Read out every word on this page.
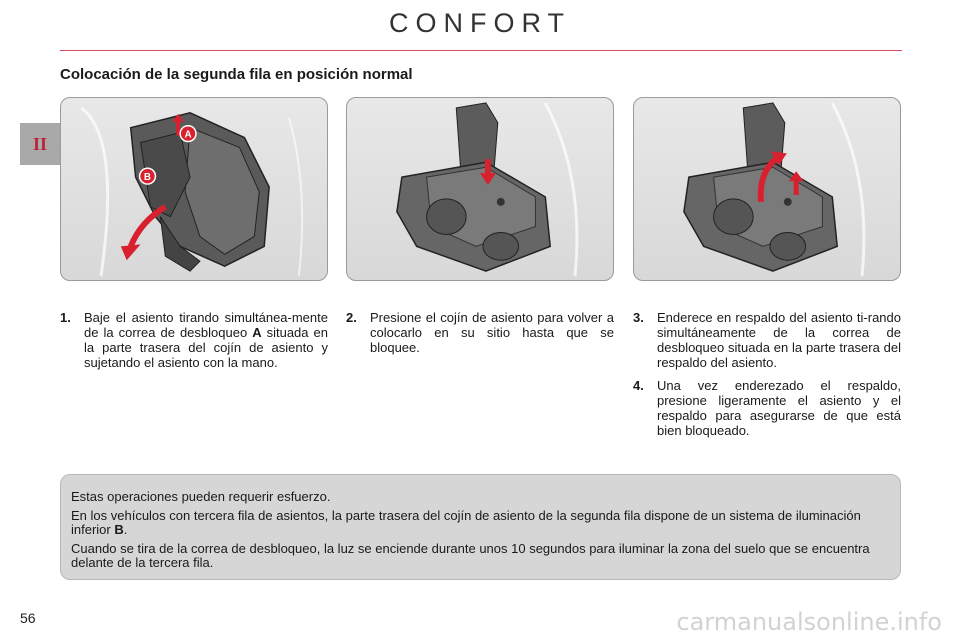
CONFORT
II
Colocación de la segunda fila en posición normal
A
B
1. Baje el asiento tirando simultánea-mente de la correa de desbloqueo A situada en la parte trasera del cojín de asiento y sujetando el asiento con la mano.
2. Presione el cojín de asiento para volver a colocarlo en su sitio hasta que se bloquee.
3. Enderece en respaldo del asiento ti-rando simultáneamente de la correa de desbloqueo situada en la parte trasera del respaldo del asiento.
4. Una vez enderezado el respaldo, presione ligeramente el asiento y el respaldo para asegurarse de que está bien bloqueado.

Estas operaciones pueden requerir esfuerzo.

En los vehículos con tercera fila de asientos, la parte trasera del cojín de asiento de la segunda fila dispone de un sistema de iluminación inferior B.

Cuando se tira de la correa de desbloqueo, la luz se enciende durante unos 10 segundos para iluminar la zona del suelo que se encuentra delante de la tercera fila.

56	carmanualsonline.info
